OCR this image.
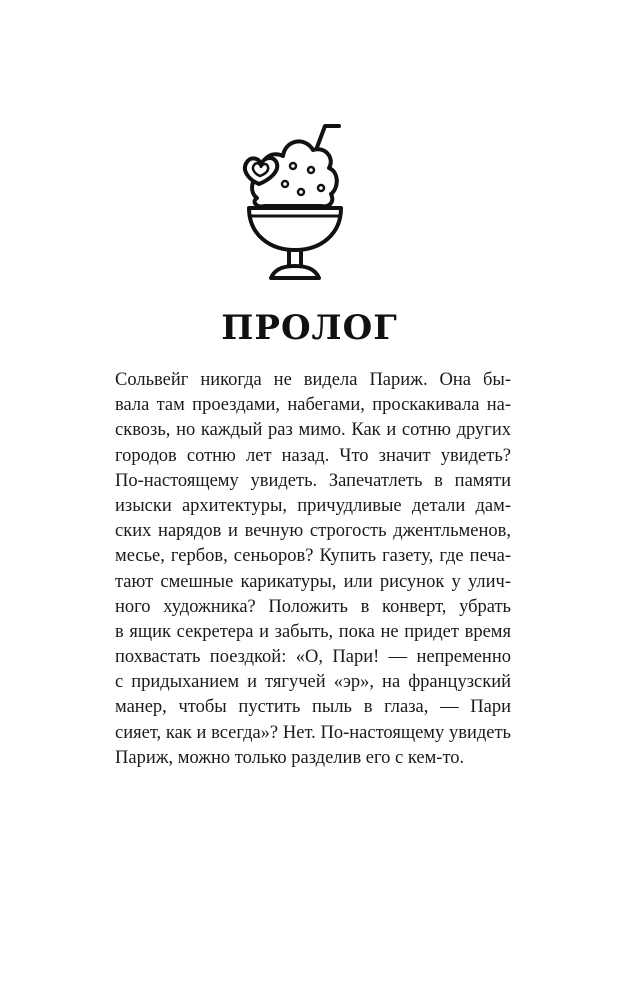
ПРОЛОГ
Сольвейг никогда не видела Париж. Она бы-
вала там проездами, набегами, проскакивала на-
сквозь, но каждый раз мимо. Как и сотню других
городов сотню лет назад. Что значит увидеть?
По-настоящему увидеть. Запечатлеть в памяти
изыски архитектуры, причудливые детали дам-
ских нарядов и вечную строгость джентльменов,
месье, гербов, сеньоров? Купить газету, где печа-
тают смешные карикатуры, или рисунок у улич-
ного художника? Положить в конверт, убрать
в ящик секретера и забыть, пока не придет время
похвастать поездкой: «О, Пари! — непременно
с придыханием и тягучей «эр», на французский
манер, чтобы пустить пыль в глаза, — Пари
сияет, как и всегда»? Нет. По-настоящему увидеть
Париж, можно только разделив его с кем-то.
